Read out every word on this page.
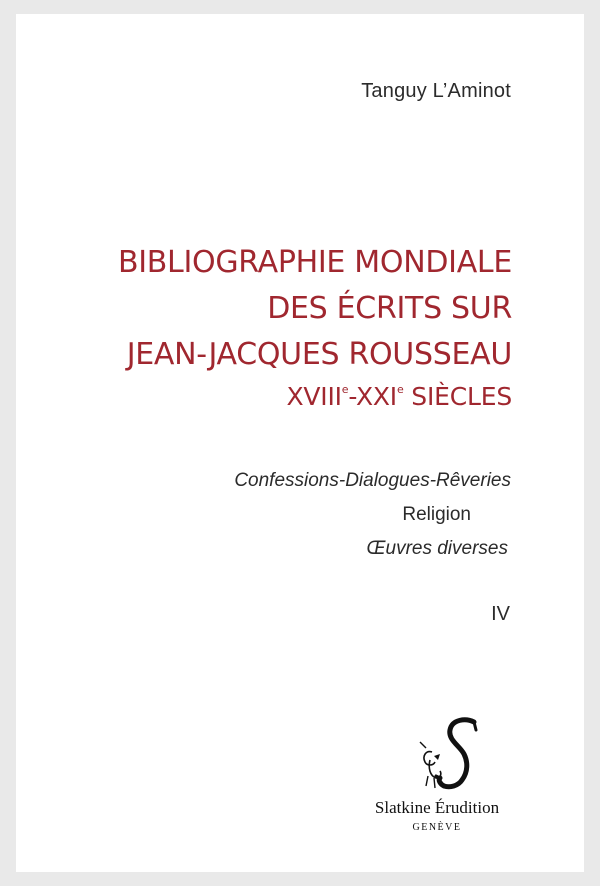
Tanguy L’Aminot
BIBLIOGRAPHIE MONDIALE
DES ÉCRITS SUR
JEAN-JACQUES ROUSSEAU
XVIIIe-XXIe SIÈCLES
Confessions-Dialogues-Rêveries
Religion
Œuvres diverses
IV
Slatkine Érudition
GENÈVE
